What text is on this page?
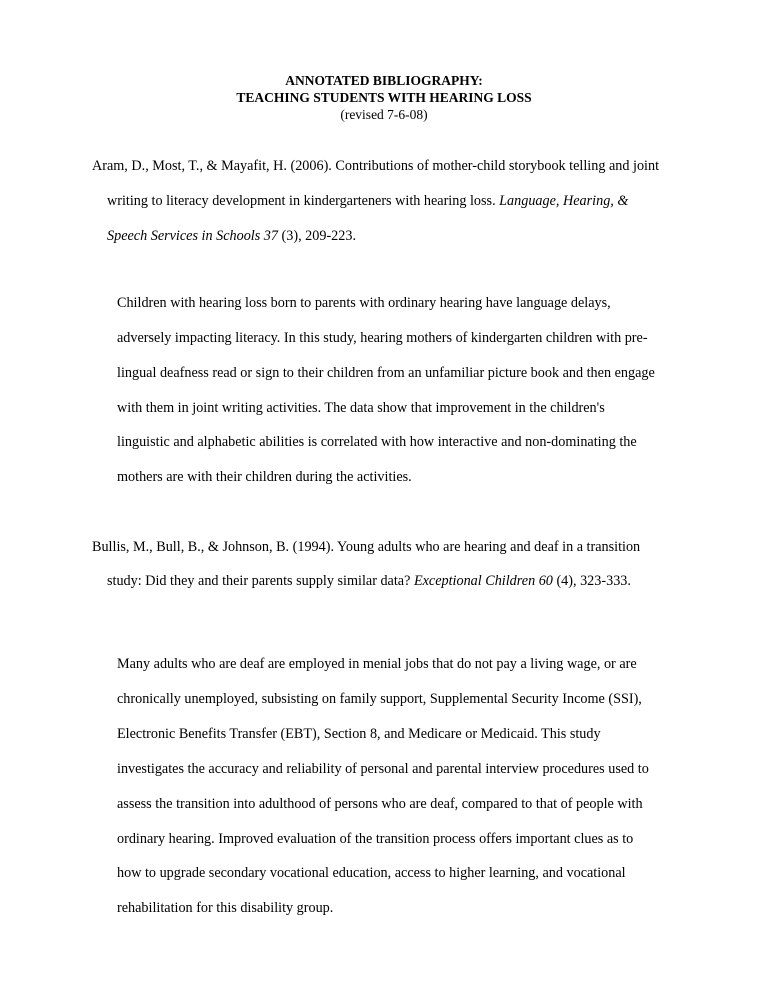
ANNOTATED BIBLIOGRAPHY:
TEACHING STUDENTS WITH HEARING LOSS
(revised 7-6-08)
Aram, D., Most, T., & Mayafit, H. (2006). Contributions of mother-child storybook telling and joint
writing to literacy development in kindergarteners with hearing loss. Language, Hearing, &
Speech Services in Schools 37 (3), 209-223.
Children with hearing loss born to parents with ordinary hearing have language delays,
adversely impacting literacy. In this study, hearing mothers of kindergarten children with pre-
lingual deafness read or sign to their children from an unfamiliar picture book and then engage
with them in joint writing activities. The data show that improvement in the children's
linguistic and alphabetic abilities is correlated with how interactive and non-dominating the
mothers are with their children during the activities.
Bullis, M., Bull, B., & Johnson, B. (1994). Young adults who are hearing and deaf in a transition
study: Did they and their parents supply similar data? Exceptional Children 60 (4), 323-333.
Many adults who are deaf are employed in menial jobs that do not pay a living wage, or are
chronically unemployed, subsisting on family support, Supplemental Security Income (SSI),
Electronic Benefits Transfer (EBT), Section 8, and Medicare or Medicaid. This study
investigates the accuracy and reliability of personal and parental interview procedures used to
assess the transition into adulthood of persons who are deaf, compared to that of people with
ordinary hearing. Improved evaluation of the transition process offers important clues as to
how to upgrade secondary vocational education, access to higher learning, and vocational
rehabilitation for this disability group.
